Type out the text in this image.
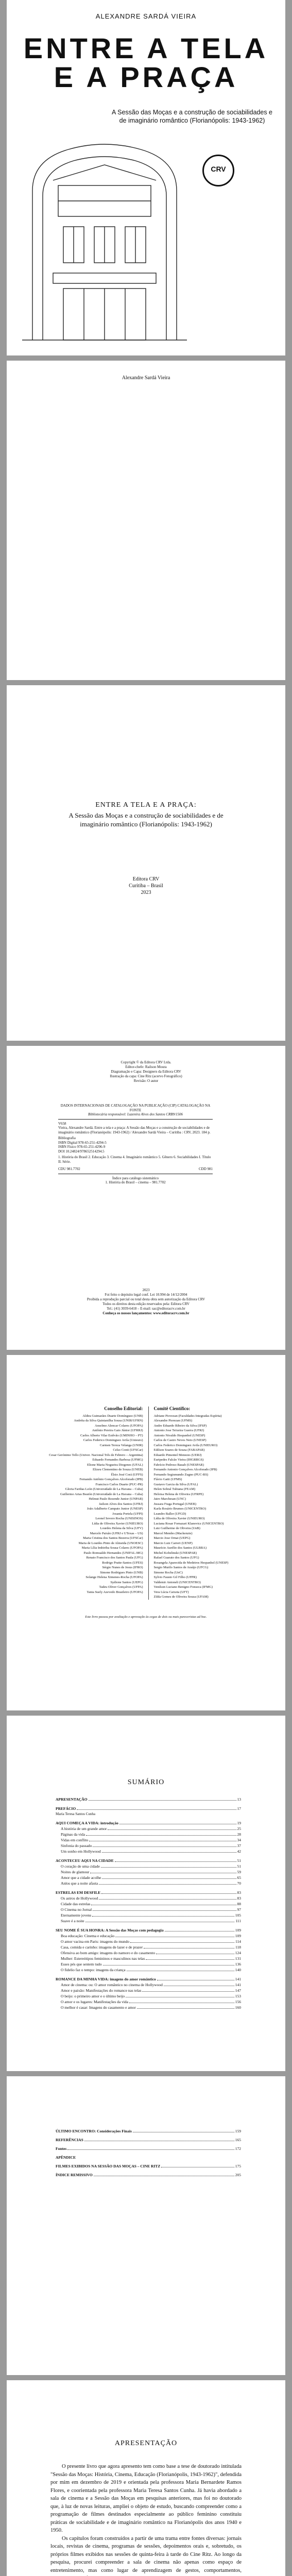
ALEXANDRE SARDÁ VIEIRA
ENTRE A TELA
E A PRAÇA
A Sessão das Moças e a construção de sociabilidades e de imaginário romântico (Florianópolis: 1943-1962)
CRV
Alexandre Sardá Vieira
ENTRE A TELA E A PRAÇA:
A Sessão das Moças e a construção de sociabilidades e de imaginário romântico (Florianópolis: 1943-1962)
Editora CRV
Curitiba – Brasil
2023
Copyright © da Editora CRV Ltda.
Editor-chefe: Railson Moura
Diagramação e Capa: Designers da Editora CRV
Ilustração da capa: Cine Ritz (acervo Fotográfico)
Revisão: O autor
DADOS INTERNACIONAIS DE CATALOGAÇÃO NA PUBLICAÇÃO (CIP) CATALOGAÇÃO NA FONTE
Bibliotecária responsável: Luzenira Alves dos Santos CRB9/1506
V658
Vieira, Alexandre Sardá. Entre a tela e a praça: A Sessão das Moças e a construção de sociabilidades e de imaginário romântico (Florianópolis: 1943-1962) / Alexandre Sardá Vieira – Curitiba : CRV, 2023. 184 p.
Bibliografia
ISBN Digital 978-65-251-4294-5
ISBN Físico 978-65-251-4296-9
DOI 10.24824/978652514294.5
1. História do Brasil 2. Educação 3. Cinema 4. Imaginário romântico 5. Gênero 6. Sociabilidades I. Título II. Série.
CDU 981.7702	CDD 981
Índice para catálogo sistemático
1. História do Brasil – cinema – 981.7702
2023
Foi feito o depósito legal conf. Lei 10.994 de 14/12/2004
Proibida a reprodução parcial ou total desta obra sem autorização da Editora CRV
Todos os direitos desta edição reservados pela: Editora CRV
Tel.: (41) 3039-6418 – E-mail: sac@editoracrv.com.br
Conheça os nossos lançamentos: www.editoracrv.com.br

Conselho Editorial:

Aldira Guimarães Duarte Domínguez (UNB)

Andréia da Silva Quintanilha Sousa (UNIR/UFRN)

Anselmo Alencar Colares (UFOPA)

Antônio Pereira Gaio Júnior (UFRRJ)

Carlos Alberto Vilar Estêvão (UMINHO – PT)

Carlos Federico Dominguez Avila (Unieuro)

Carmen Tereza Velanga (UNIR)

Celso Conti (UFSCar)

Cesar Gerónimo Tello (Univer. Nacional Três de Febrero – Argentina)

Eduardo Fernandes Barbosa (UFMG)

Elione Maria Nogueira Diogenes (UFAL)

Elizeu Clementino de Souza (UNEB)

Élsio José Corá (UFFS)

Fernando Antônio Gonçalves Alcoforado (IPB)

Francisco Carlos Duarte (PUC-PR)

Gloria Fariñas León (Universidade de La Havana – Cuba)

Guillermo Arias Beatón (Universidade de La Havana – Cuba)

Helmut Paulo Rezende Junior (UNPAR)

Jailson Alves dos Santos (UFRJ)

João Adalberto Campato Junior (UNESP)

Josania Portela (UFPI)

Leonel Severo Rocha (UNISINOS)

Lídia de Oliveira Xavier (UNIEURO)

Lourdes Helena da Silva (UFV)

Marcelo Paixão (UFRJ e UTexas – US)

Maria Cristina dos Santos Bezerra (UFSCar)

Maria de Lourdes Pinto de Almeida (UNOESC)

Maria Lília Imbiriba Sousa Colares (UFOPA)

Paulo Romualdo Hernandes (UNIFAL-MG)

Renato Francisco dos Santos Paula (UFG)

Rodrigo Pratte-Santos (UFES)

Sérgio Nunes de Jesus (IFRO)

Simone Rodrigues Pinto (UNB)

Solange Helena Ximenes-Rocha (UFOPA)

Sydione Santos (UEPG)

Tadeu Oliver Gonçalves (UFPA)

Tania Suely Azevedo Brasileiro (UFOPA)

Comitê Científico:

Adriane Piovezan (Faculdades Integradas Espírita)

Alexandre Pierezan (UFMS)

Andre Eduardo Ribeiro da Silva (IFSP)

Antonio Jose Teixeira Guerra (UFRJ)

Antonio Nivaldo Hespanhol (UNESP)

Carlos de Castro Neves Neto (UNESP)

Carlos Federico Dominguez Avila (UNIEURO)

Edilson Soares de Souza (FABAPAR)

Eduardo Pimentel Menezes (UERJ)

Euripedes Falcão Vieira (IHGRRGS)

Fabrício Pedroso Bauab (UNESPAR)

Fernando Antonio Gonçalves Alcoforado (IPB)

Fernando Segismundo Zugno (PUC-RS)

Flávio Gatti (UFMS)

Gustavo Garcia da Silva (UFAL)

Helen Sobral Tubiana (FEAM)

Heloisa Helena de Oliveira (UFRPE)

Jairo Marchesan (UNC)

Jussara Fraga Portugal (UNEB)

Karla Rosário Brumes (UNICENTRO)

Leandro Baller (UFGD)

Lídia de Oliveira Xavier (UNIEURO)

Luciana Rosar Fornazari Klanovicz (UNICENTRO)

Luiz Guilherme de Oliveira (UnB)

Marcel Mendes (Mackenzie)

Marcio Jose Ornat (UEPG)

Marcio Luiz Carreri (UENP)

Maurício Aurélio dos Santos (ULBRA)

Michel Kobelinski (UNESPAR)

Rafael Guarato dos Santos (UFG)

Rosangela Aparecida de Medeiros Hespanhol (UNESP)

Sergio Murilo Santos de Araújo (UFCG)

Simone Rocha (UnC)

Sylvio Fausto Gil Filho (UFPR)

Valdemir Antoneli (UNICENTRO)

Venilson Luciano Benigno Fonseca (IFMG)

Vera Lúcia Caixeta (UFT)

Zilda Gomes de Oliveira Souza (UFAM)

Este livro passou por avaliação e aprovação às cegas de dois ou mais pareceristas ad hoc.
SUMÁRIO
APRESENTAÇÃO	13
PREFÁCIO	17
Maria Teresa Santos Cunha
AQUI COMEÇA A VIDA: introdução	19
A história de um grande amor	25
Páginas da vida	28
Vidas em conflito	34
Sinfonia do passado	37
Um sonho em Hollywood	42
ACONTECEU AQUI NA CIDADE	51
O coração de uma cidade	51
Noites de glamour	59
Amor que a cidade acolhe	65
Anlos que a noite afasta	70
ESTRELAS EM DESFILE	83
Os astros de Hollywood	83
Cidade das estrelas	88
O Cinema no Jornal	97
Eternamente jovens	105
Suave é a noite	111
SEU NOME É SUA HONRA: A Sessão das Moças com pedagogia	109
Boa educação: Cinema e educação	109
O amor vacina em Paris: imagens do mundo	114
Casa, comida e carinho: imagens de lazer e de prazer	118
Ofensiva ao bom amigo: imagens do namoro e do casamento	124
Mulher: Estereótipos femininos e masculinos nas telas	131
Esses pés que sentem tudo	136
O fidelio faz o tempo: imagens da criança	140
ROMANCE DA MINHA VIDA: imagens do amor romântico	141
Amor de cinema: ou: O amor romântico no cinema de Hollywood	141
Amor e paixão: Manifestações do romance nas telas	147
O beijo: o primeiro amor e o último beijo	153
O amor e os lugares: Manifestações da vida	156
O melhor é casar: Imagens do casamento e amor	160
ÚLTIMO ENCONTRO: Considerações Finais	159
REFERÊNCIAS	165
Fontes	172
APÊNDICE
FILMES EXIBIDOS NA SESSÃO DAS MOÇAS – CINE RITZ	175
ÍNDICE REMISSIVO	205
APRESENTAÇÃO

O presente livro que agora apresento tem como base a tese de doutorado intitulada "Sessão das Moças: História, Cinema, Educação (Florianópolis, 1943-1962)", defendida por mim em dezembro de 2019 e orientada pela professora Maria Bernardete Ramos Flores, e coorientada pela professora Maria Teresa Santos Cunha. Já havia abordado a sala de cinema e a Sessão das Moças em pesquisas anteriores, mas foi no doutorado que, à luz de novas leituras, ampliei o objeto de estudo, buscando compreender como a programação de filmes destinados especialmente ao público feminino constituiu práticas de sociabilidade e de imaginário romântico na Florianópolis dos anos 1940 e 1950.

Os capítulos foram construídos a partir de uma trama entre fontes diversas: jornais locais, revistas de cinema, programas de sessões, depoimentos orais e, sobretudo, os próprios filmes exibidos nas sessões de quinta-feira à tarde do Cine Ritz. Ao longo da pesquisa, procurei compreender a sala de cinema não apenas como espaço de entretenimento, mas como lugar de aprendizagem de gestos, comportamentos,
